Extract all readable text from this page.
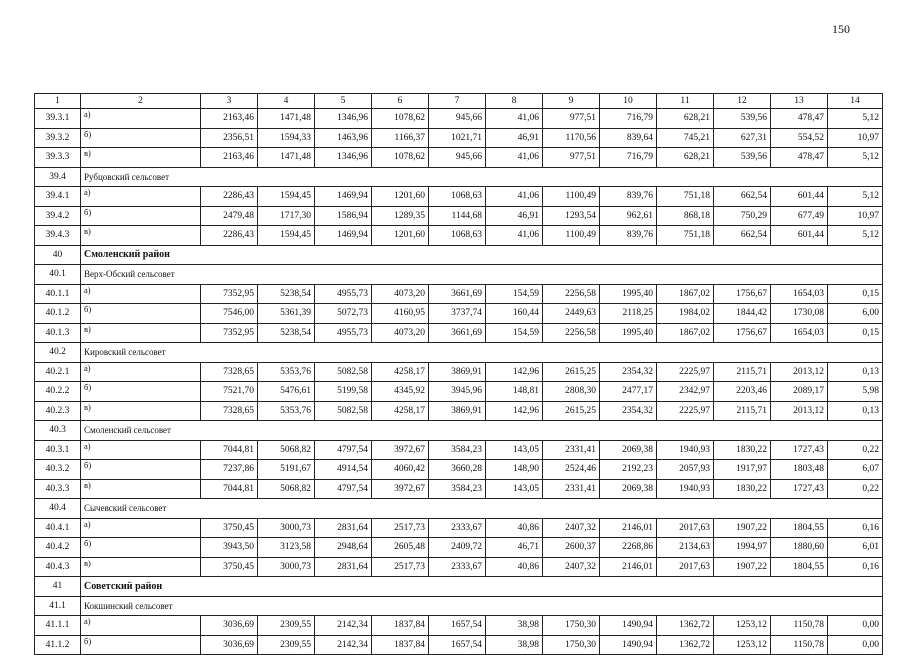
150
1	2	3	4	5	6	7	8	9	10	11	12	13	14
39.3.1	а)	2163,46	1471,48	1346,96	1078,62	945,66	41,06	977,51	716,79	628,21	539,56	478,47	5,12
39.3.2	б)	2356,51	1594,33	1463,96	1166,37	1021,71	46,91	1170,56	839,64	745,21	627,31	554,52	10,97
39.3.3	в)	2163,46	1471,48	1346,96	1078,62	945,66	41,06	977,51	716,79	628,21	539,56	478,47	5,12
39.4	Рубцовский сельсовет												
39.4.1	а)	2286,43	1594,45	1469,94	1201,60	1068,63	41,06	1100,49	839,76	751,18	662,54	601,44	5,12
39.4.2	б)	2479,48	1717,30	1586,94	1289,35	1144,68	46,91	1293,54	962,61	868,18	750,29	677,49	10,97
39.4.3	в)	2286,43	1594,45	1469,94	1201,60	1068,63	41,06	1100,49	839,76	751,18	662,54	601,44	5,12
40	Смоленский район												
40.1	Верх-Обский сельсовет												
40.1.1	а)	7352,95	5238,54	4955,73	4073,20	3661,69	154,59	2256,58	1995,40	1867,02	1756,67	1654,03	0,15
40.1.2	б)	7546,00	5361,39	5072,73	4160,95	3737,74	160,44	2449,63	2118,25	1984,02	1844,42	1730,08	6,00
40.1.3	в)	7352,95	5238,54	4955,73	4073,20	3661,69	154,59	2256,58	1995,40	1867,02	1756,67	1654,03	0,15
40.2	Кировский сельсовет												
40.2.1	а)	7328,65	5353,76	5082,58	4258,17	3869,91	142,96	2615,25	2354,32	2225,97	2115,71	2013,12	0,13
40.2.2	б)	7521,70	5476,61	5199,58	4345,92	3945,96	148,81	2808,30	2477,17	2342,97	2203,46	2089,17	5,98
40.2.3	в)	7328,65	5353,76	5082,58	4258,17	3869,91	142,96	2615,25	2354,32	2225,97	2115,71	2013,12	0,13
40.3	Смоленский сельсовет												
40.3.1	а)	7044,81	5068,82	4797,54	3972,67	3584,23	143,05	2331,41	2069,38	1940,93	1830,22	1727,43	0,22
40.3.2	б)	7237,86	5191,67	4914,54	4060,42	3660,28	148,90	2524,46	2192,23	2057,93	1917,97	1803,48	6,07
40.3.3	в)	7044,81	5068,82	4797,54	3972,67	3584,23	143,05	2331,41	2069,38	1940,93	1830,22	1727,43	0,22
40.4	Сычевский сельсовет												
40.4.1	а)	3750,45	3000,73	2831,64	2517,73	2333,67	40,86	2407,32	2146,01	2017,63	1907,22	1804,55	0,16
40.4.2	б)	3943,50	3123,58	2948,64	2605,48	2409,72	46,71	2600,37	2268,86	2134,63	1994,97	1880,60	6,01
40.4.3	в)	3750,45	3000,73	2831,64	2517,73	2333,67	40,86	2407,32	2146,01	2017,63	1907,22	1804,55	0,16
41	Советский район												
41.1	Кокшинский сельсовет												
41.1.1	а)	3036,69	2309,55	2142,34	1837,84	1657,54	38,98	1750,30	1490,94	1362,72	1253,12	1150,78	0,00
41.1.2	б)	3036,69	2309,55	2142,34	1837,84	1657,54	38,98	1750,30	1490,94	1362,72	1253,12	1150,78	0,00
